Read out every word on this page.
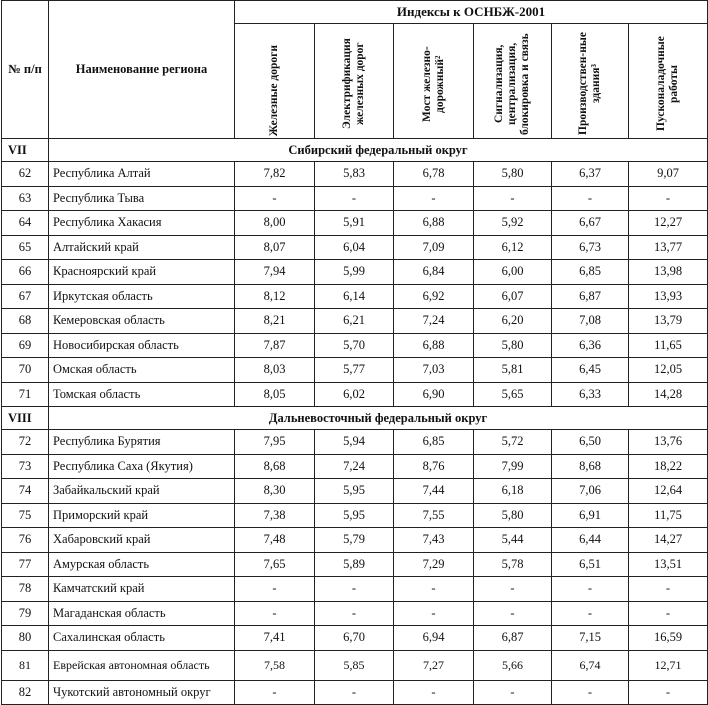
№ п/п	Наименование региона	Индексы к ОСНБЖ-2001					

		Железные дороги	Электрификация железных дорог	Мост железно-дорожный²	Сигнализация, централизация, блокировка и связь	Производствен-ные здания³	Пусконаладочные работы

VII	Сибирский федеральный округ						
62	Республика Алтай	7,82	5,83	6,78	5,80	6,37	9,07
63	Республика Тыва	-	-	-	-	-	-
64	Республика Хакасия	8,00	5,91	6,88	5,92	6,67	12,27
65	Алтайский край	8,07	6,04	7,09	6,12	6,73	13,77
66	Красноярский край	7,94	5,99	6,84	6,00	6,85	13,98
67	Иркутская область	8,12	6,14	6,92	6,07	6,87	13,93
68	Кемеровская область	8,21	6,21	7,24	6,20	7,08	13,79
69	Новосибирская область	7,87	5,70	6,88	5,80	6,36	11,65
70	Омская область	8,03	5,77	7,03	5,81	6,45	12,05
71	Томская область	8,05	6,02	6,90	5,65	6,33	14,28
VIII	Дальневосточный федеральный округ						
72	Республика Бурятия	7,95	5,94	6,85	5,72	6,50	13,76
73	Республика Саха (Якутия)	8,68	7,24	8,76	7,99	8,68	18,22
74	Забайкальский край	8,30	5,95	7,44	6,18	7,06	12,64
75	Приморский край	7,38	5,95	7,55	5,80	6,91	11,75
76	Хабаровский край	7,48	5,79	7,43	5,44	6,44	14,27
77	Амурская область	7,65	5,89	7,29	5,78	6,51	13,51
78	Камчатский край	-	-	-	-	-	-
79	Магаданская область	-	-	-	-	-	-
80	Сахалинская область	7,41	6,70	6,94	6,87	7,15	16,59
81	Еврейская автономная область	7,58	5,85	7,27	5,66	6,74	12,71
82	Чукотский автономный округ	-	-	-	-	-	-
